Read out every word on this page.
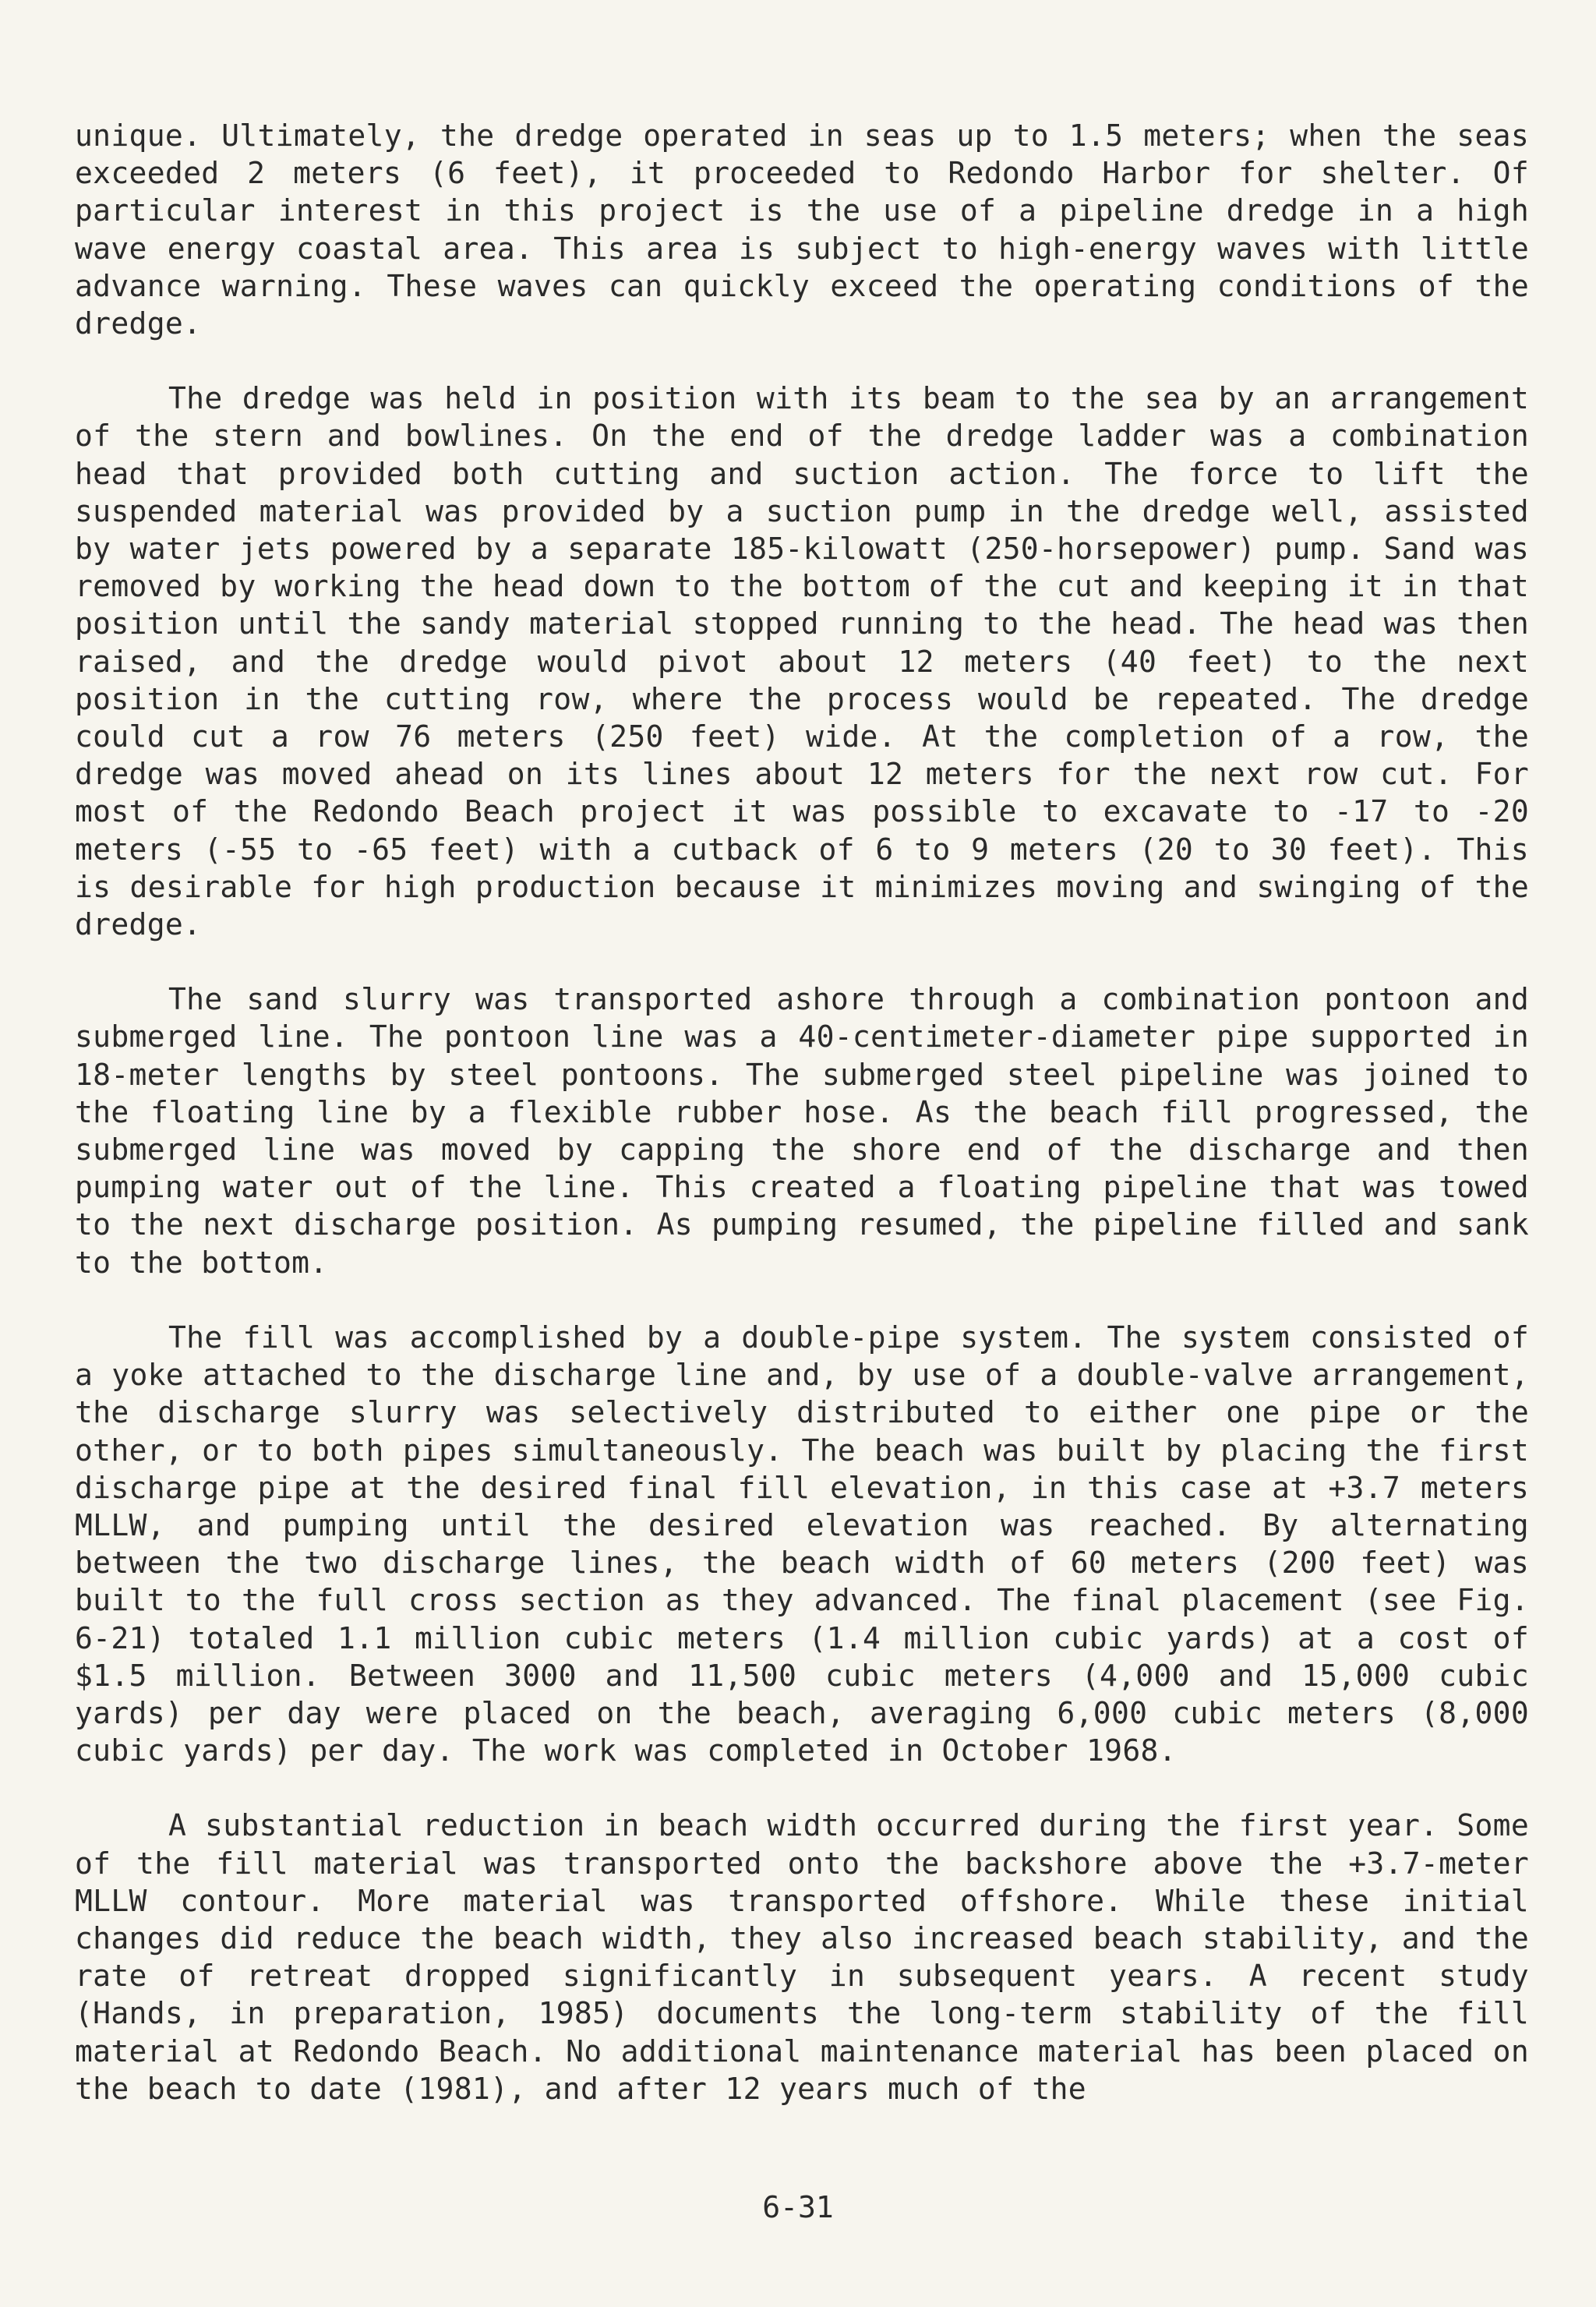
unique. Ultimately, the dredge operated in seas up to 1.5 meters; when the seas exceeded 2 meters (6 feet), it proceeded to Redondo Harbor for shelter. Of particular interest in this project is the use of a pipeline dredge in a high wave energy coastal area. This area is subject to high-energy waves with little advance warning. These waves can quickly exceed the operating conditions of the dredge.

The dredge was held in position with its beam to the sea by an arrangement of the stern and bowlines. On the end of the dredge ladder was a combination head that provided both cutting and suction action. The force to lift the suspended material was provided by a suction pump in the dredge well, assisted by water jets powered by a separate 185-kilowatt (250-horsepower) pump. Sand was removed by working the head down to the bottom of the cut and keeping it in that position until the sandy material stopped running to the head. The head was then raised, and the dredge would pivot about 12 meters (40 feet) to the next position in the cutting row, where the process would be repeated. The dredge could cut a row 76 meters (250 feet) wide. At the completion of a row, the dredge was moved ahead on its lines about 12 meters for the next row cut. For most of the Redondo Beach project it was possible to excavate to -17 to -20 meters (-55 to -65 feet) with a cutback of 6 to 9 meters (20 to 30 feet). This is desirable for high production because it minimizes moving and swinging of the dredge.

The sand slurry was transported ashore through a combination pontoon and submerged line. The pontoon line was a 40-centimeter-diameter pipe supported in 18-meter lengths by steel pontoons. The submerged steel pipeline was joined to the floating line by a flexible rubber hose. As the beach fill progressed, the submerged line was moved by capping the shore end of the discharge and then pumping water out of the line. This created a floating pipeline that was towed to the next discharge position. As pumping resumed, the pipeline filled and sank to the bottom.

The fill was accomplished by a double-pipe system. The system consisted of a yoke attached to the discharge line and, by use of a double-valve arrangement, the discharge slurry was selectively distributed to either one pipe or the other, or to both pipes simultaneously. The beach was built by placing the first discharge pipe at the desired final fill elevation, in this case at +3.7 meters MLLW, and pumping until the desired elevation was reached. By alternating between the two discharge lines, the beach width of 60 meters (200 feet) was built to the full cross section as they advanced. The final placement (see Fig. 6-21) totaled 1.1 million cubic meters (1.4 million cubic yards) at a cost of $1.5 million. Between 3000 and 11,500 cubic meters (4,000 and 15,000 cubic yards) per day were placed on the beach, averaging 6,000 cubic meters (8,000 cubic yards) per day. The work was completed in October 1968.

A substantial reduction in beach width occurred during the first year. Some of the fill material was transported onto the backshore above the +3.7-meter MLLW contour. More material was transported offshore. While these initial changes did reduce the beach width, they also increased beach stability, and the rate of retreat dropped significantly in subsequent years. A recent study (Hands, in preparation, 1985) documents the long-term stability of the fill material at Redondo Beach. No additional maintenance material has been placed on the beach to date (1981), and after 12 years much of the

6-31
